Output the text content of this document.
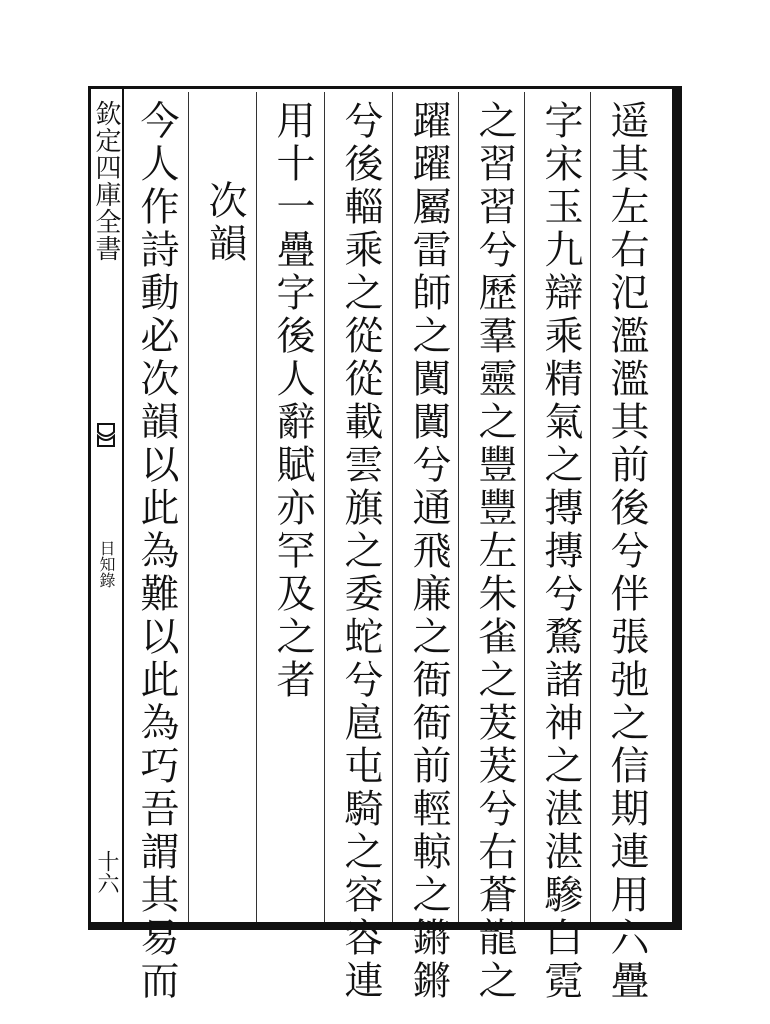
欽定四庫全書
日知錄
十六	遥其左右氾濫濫其前後兮伴張弛之信期連用六疊
字宋玉九辯乘精氣之摶摶兮騖諸神之湛湛驂白霓
之習習兮歷羣靈之豐豐左朱雀之茇茇兮右蒼龍之
躍躍屬雷師之闐闐兮通飛廉之衙衙前輕輬之鏘鏘
兮後輜乘之從從載雲旗之委蛇兮扈屯騎之容容連
用十一疊字後人辭賦亦罕及之者
次韻
今人作詩動必次韻以此為難以此為巧吾謂其易而
